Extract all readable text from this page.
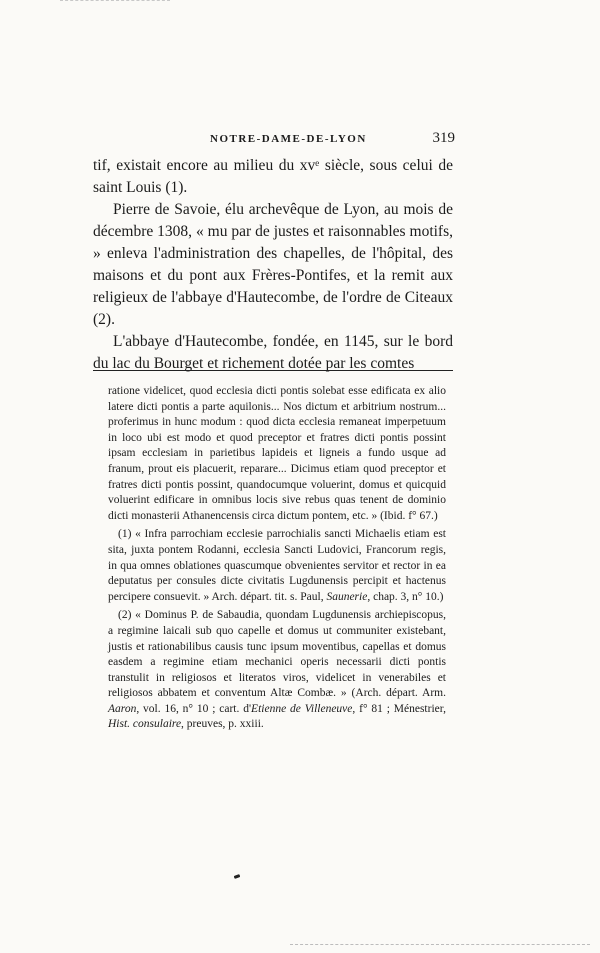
NOTRE-DAME-DE-LYON	319

tif, existait encore au milieu du xvᵉ siècle, sous celui de saint Louis (1).

Pierre de Savoie, élu archevêque de Lyon, au mois de décembre 1308, « mu par de justes et raisonnables motifs, » enleva l'administration des chapelles, de l'hôpital, des maisons et du pont aux Frères-Pontifes, et la remit aux religieux de l'abbaye d'Hautecombe, de l'ordre de Citeaux (2).

L'abbaye d'Hautecombe, fondée, en 1145, sur le bord du lac du Bourget et richement dotée par les comtes

ratione videlicet, quod ecclesia dicti pontis solebat esse edificata ex alio latere dicti pontis a parte aquilonis... Nos dictum et arbitrium nostrum... proferimus in hunc modum : quod dicta ecclesia remaneat imperpetuum in loco ubi est modo et quod preceptor et fratres dicti pontis possint ipsam ecclesiam in parietibus lapideis et ligneis a fundo usque ad franum, prout eis placuerit, reparare... Dicimus etiam quod preceptor et fratres dicti pontis possint, quandocumque voluerint, domus et quicquid voluerint edificare in omnibus locis sive rebus quas tenent de dominio dicti monasterii Athanencensis circa dictum pontem, etc. » (Ibid. f° 67.)

(1) « Infra parrochiam ecclesie parrochialis sancti Michaelis etiam est sita, juxta pontem Rodanni, ecclesia Sancti Ludovici, Francorum regis, in qua omnes oblationes quascumque obvenientes servitor et rector in ea deputatus per consules dicte civitatis Lugdunensis percipit et hactenus percipere consuevit. » Arch. départ. tit. s. Paul, Saunerie, chap. 3, n° 10.)

(2) « Dominus P. de Sabaudia, quondam Lugdunensis archiepiscopus, a regimine laicali sub quo capelle et domus ut communiter existebant, justis et rationabilibus causis tunc ipsum moventibus, capellas et domus easdem a regimine etiam mechanici operis necessarii dicti pontis transtulit in religiosos et literatos viros, videlicet in venerabiles et religiosos abbatem et conventum Altæ Combæ. » (Arch. départ. Arm. Aaron, vol. 16, n° 10 ; cart. d'Etienne de Villeneuve, f° 81 ; Ménestrier, Hist. consulaire, preuves, p. xxiii.
